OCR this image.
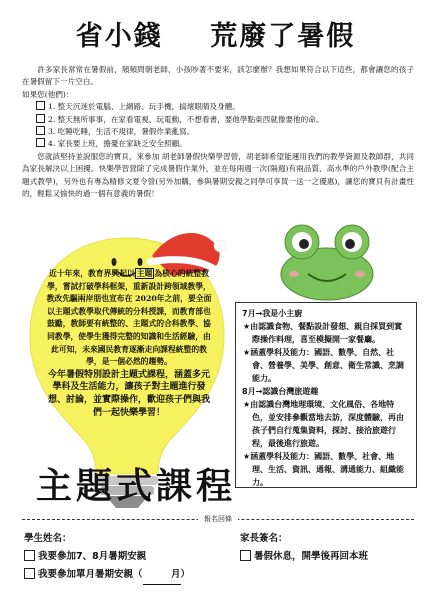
省小錢 荒廢了暑假

許多家長常常在暑假前，頻頻問朝老師，小孩吵著不要來，該怎麼辦？我想如果符合以下這些，都會讓您的孩子在暑假留下一片空白。

如果您(他們)：
1. 整天沉迷於電腦、上網路、玩手機，搞壞眼睛及身體。
2. 整天無所事事，在家看電視、玩電動，不想看書，要他學點東西就像要他的命。
3. 吃睡吃睡，生活不規律，暑假作業亂寫。
4. 家長要上班，擔憂在家缺乏安全照顧。

您就該堅持並說服您的寶貝，來參加 胡老師暑假快樂學習營，胡老師希望能運用我們的教學資源及教師群，共同為家長解決以上困擾。快樂學習營除了完成暑假作業外，並在每兩週一次(隔週)有兩品質、高水準的戶外教學(配合主題式教學)，另外也有專為精修文夏令營(另外加購，參與暑期安親之同學可享買一送一之優惠)，讓您的寶貝有計畫性的，輕鬆又愉快的過一個有意義的暑假！

近十年來，教育界興起以 主題 為核心的統整教學，嘗試打破學科框架，重新設計跨領域教學，教改先驅兩岸朋也宣布在 2020年之前，要全面以主題式教學取代傳統的分科授課，而教育部也鼓勵，教師要有統整的、主題式的合科教學、協同教學，使學生獲得完整的知識和生活經驗，由此可知，未來國民教育逐漸走向課程統整的教學，是一個必然的趨勢。
今年暑假特別設計主題式課程，涵蓋多元學科及生活能力，讓孩子對主題進行發想、討論，並實際操作，歡迎孩子們與我們一起快樂學習！
7月→我是小主廚
★由認識食物、餐點設計發想、親自採買到實際操作料理，喜至模擬開一家餐廳。
★涵蓋學科及能力：國語、數學、自然、社會、營養學、美學、創意、衛生常識、烹調能力。
8月→認識台灣旅遊趣
★由認識台灣地理環境、文化風俗、各地特色，並安排參觀當地去訪，深度體驗，再由孩子們自行蒐集資料，探討、接洽旅遊行程，最後進行旅遊。
★涵蓋學科及能力：國語、數學、社會、地理、生活、資訊、通報、溝通能力、組織能力。
主題式課程
報名回條
學生姓名：	家長簽名：
我要參加7、8月暑期安親	暑假休息，開學後再回本班
我要參加單月暑期安親（	月）
